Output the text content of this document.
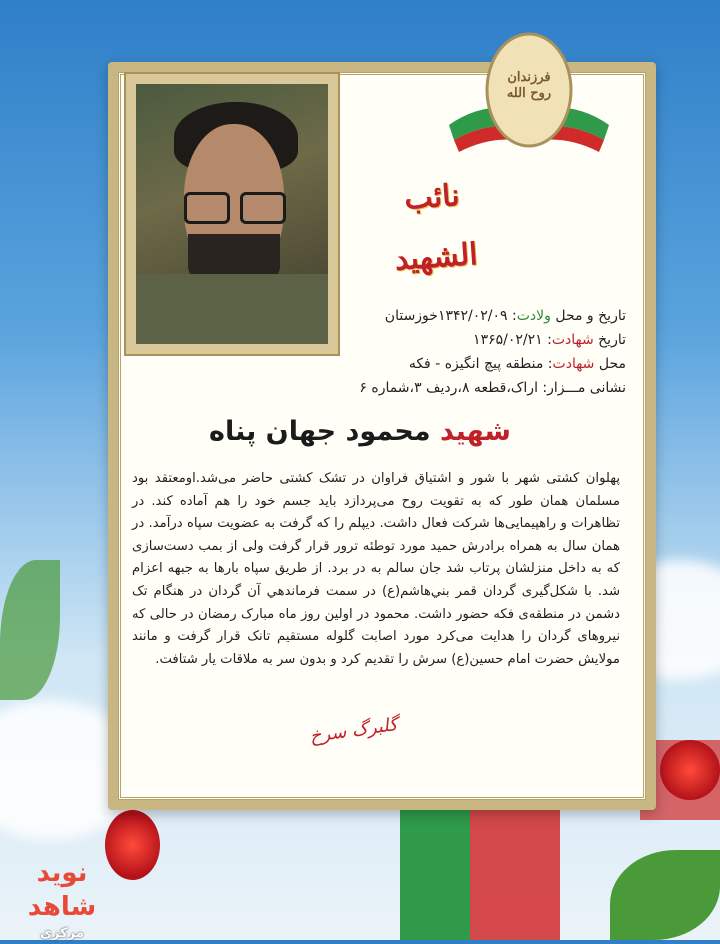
فرزندان روح الله
نائب الشهید
تاریخ و محل ولادت: ۱۳۴۲/۰۲/۰۹خوزستان
تاریخ شهادت: ۱۳۶۵/۰۲/۲۱
محل شهادت: منطقه پیچ انگیزه - فکه
نشانی مـــزار: اراک،قطعه ۸،ردیف ۳،شماره ۶
شهید محمود جهان پناه
پهلوان کشتی شهر با شور و اشتیاق فراوان در تشک کشتی حاضر می‌شد.اومعتقد بود مسلمان همان طور که به تقویت روح می‌پردازد باید جسم خود را هم آماده کند. در تظاهرات و راهپیمایی‌ها شرکت فعال داشت. دیپلم را که گرفت به عضویت سپاه درآمد. در همان سال به همراه برادرش حمید مورد توطئه ترور قرار گرفت ولی از بمب دست‌سازی که به داخل منزلشان پرتاب شد جان سالم به در برد. از طریق سپاه بارها به جبهه اعزام شد. با شکل‌گیری گردان قمر بني‌هاشم(ع) در سمت فرماندهي آن گردان در هنگام تک دشمن در منطقه‌ی فکه حضور داشت. محمود در اولین روز ماه مبارک رمضان در حالی که نیروهای گردان را هدایت می‌کرد مورد اصابت گلوله مستقیم تانک قرار گرفت و مانند مولایش حضرت امام حسین(ع) سرش را تقدیم کرد و بدون سر به ملاقات یار شتافت.
گلبرگ سرخ
نوید شاهد
مرکزی
